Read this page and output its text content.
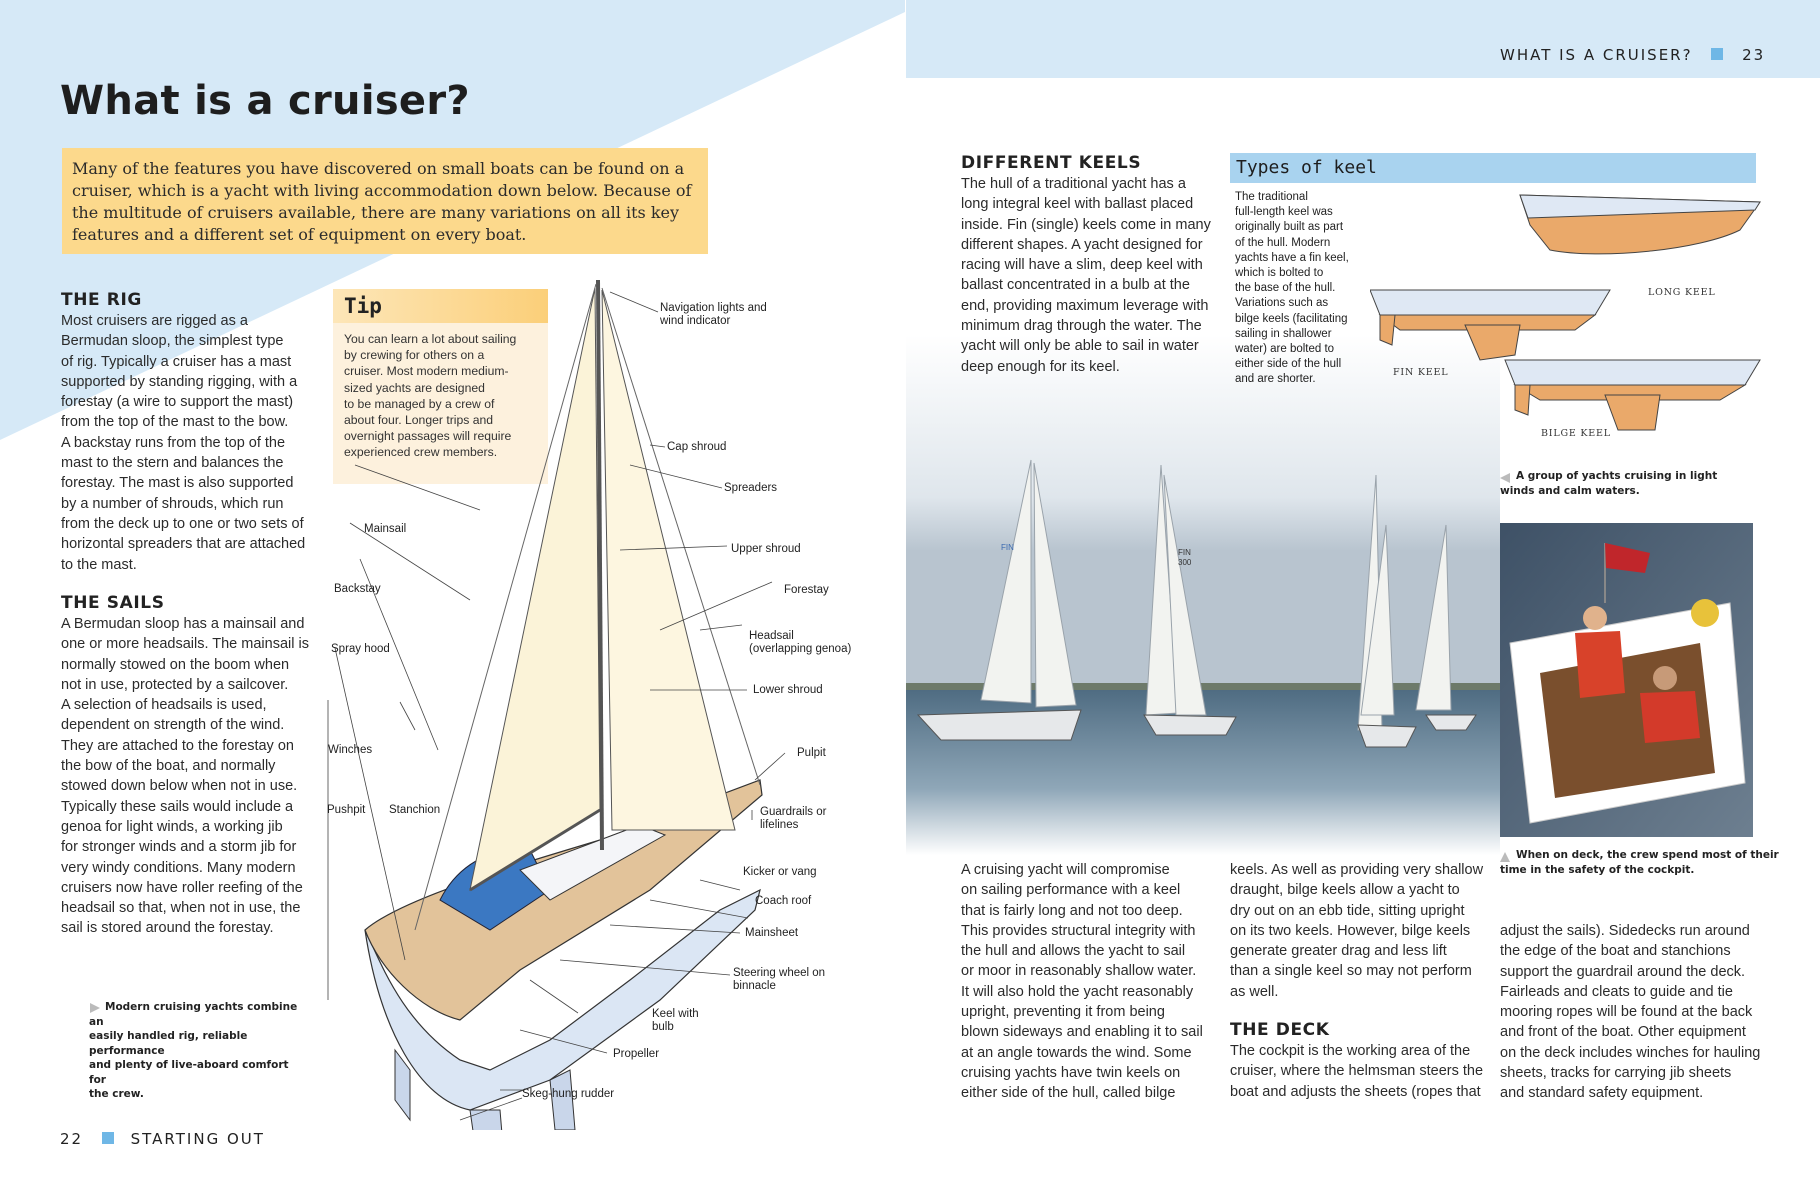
What is a cruiser?
Many of the features you have discovered on small boats can be found on a cruiser, which is a yacht with living accommodation down below. Because of the multitude of cruisers available, there are many variations on all its key features and a different set of equipment on every boat.
THE RIG
Most cruisers are rigged as a
Bermudan sloop, the simplest type
of rig. Typically a cruiser has a mast
supported by standing rigging, with a
forestay (a wire to support the mast)
from the top of the mast to the bow.
A backstay runs from the top of the
mast to the stern and balances the
forestay. The mast is also supported
by a number of shrouds, which run
from the deck up to one or two sets of
horizontal spreaders that are attached
to the mast.
THE SAILS
A Bermudan sloop has a mainsail and
one or more headsails. The mainsail is
normally stowed on the boom when
not in use, protected by a sailcover.
A selection of headsails is used,
dependent on strength of the wind.
They are attached to the forestay on
the bow of the boat, and normally
stowed down below when not in use.
Typically these sails would include a
genoa for light winds, a working jib
for stronger winds and a storm jib for
very windy conditions. Many modern
cruisers now have roller reefing of the
headsail so that, when not in use, the
sail is stored around the forestay.
Tip
You can learn a lot about sailing
by crewing for others on a
cruiser. Most modern medium-
sized yachts are designed
to be managed by a crew of
about four. Longer trips and
overnight passages will require
experienced crew members.
Navigation lights and
wind indicator
Cap shroud
Spreaders
Upper shroud
Forestay
Headsail
(overlapping genoa)
Lower shroud
Pulpit
Guardrails or
lifelines
Kicker or vang
Coach roof
Mainsheet
Steering wheel on
binnacle
Keel with
bulb
Propeller
Skeg-hung rudder
Mainsail
Backstay
Spray hood
Winches
Pushpit Stanchion
Modern cruising yachts combine an
easily handled rig, reliable performance
and plenty of live-aboard comfort for
the crew.
22	STARTING OUT
WHAT IS A CRUISER?	23
FIN
FIN 300
DIFFERENT KEELS
The hull of a traditional yacht has a
long integral keel with ballast placed
inside. Fin (single) keels come in many
different shapes. A yacht designed for
racing will have a slim, deep keel with
ballast concentrated in a bulb at the
end, providing maximum leverage with
minimum drag through the water. The
yacht will only be able to sail in water
deep enough for its keel.
Types of keel
The traditional
full-length keel was
originally built as part
of the hull. Modern
yachts have a fin keel,
which is bolted to
the base of the hull.
Variations such as
bilge keels (facilitating
sailing in shallower
water) are bolted to
either side of the hull
and are shorter.
LONG KEEL
FIN KEEL
BILGE KEEL
A group of yachts cruising in light
winds and calm waters.
When on deck, the crew spend most of their
time in the safety of the cockpit.
A cruising yacht will compromise
on sailing performance with a keel
that is fairly long and not too deep.
This provides structural integrity with
the hull and allows the yacht to sail
or moor in reasonably shallow water.
It will also hold the yacht reasonably
upright, preventing it from being
blown sideways and enabling it to sail
at an angle towards the wind. Some
cruising yachts have twin keels on
either side of the hull, called bilge
keels. As well as providing very shallow
draught, bilge keels allow a yacht to
dry out on an ebb tide, sitting upright
on its two keels. However, bilge keels
generate greater drag and less lift
than a single keel so may not perform
as well.
THE DECK
The cockpit is the working area of the
cruiser, where the helmsman steers the
boat and adjusts the sheets (ropes that
adjust the sails). Sidedecks run around
the edge of the boat and stanchions
support the guardrail around the deck.
Fairleads and cleats to guide and tie
mooring ropes will be found at the back
and front of the boat. Other equipment
on the deck includes winches for hauling
sheets, tracks for carrying jib sheets
and standard safety equipment.
